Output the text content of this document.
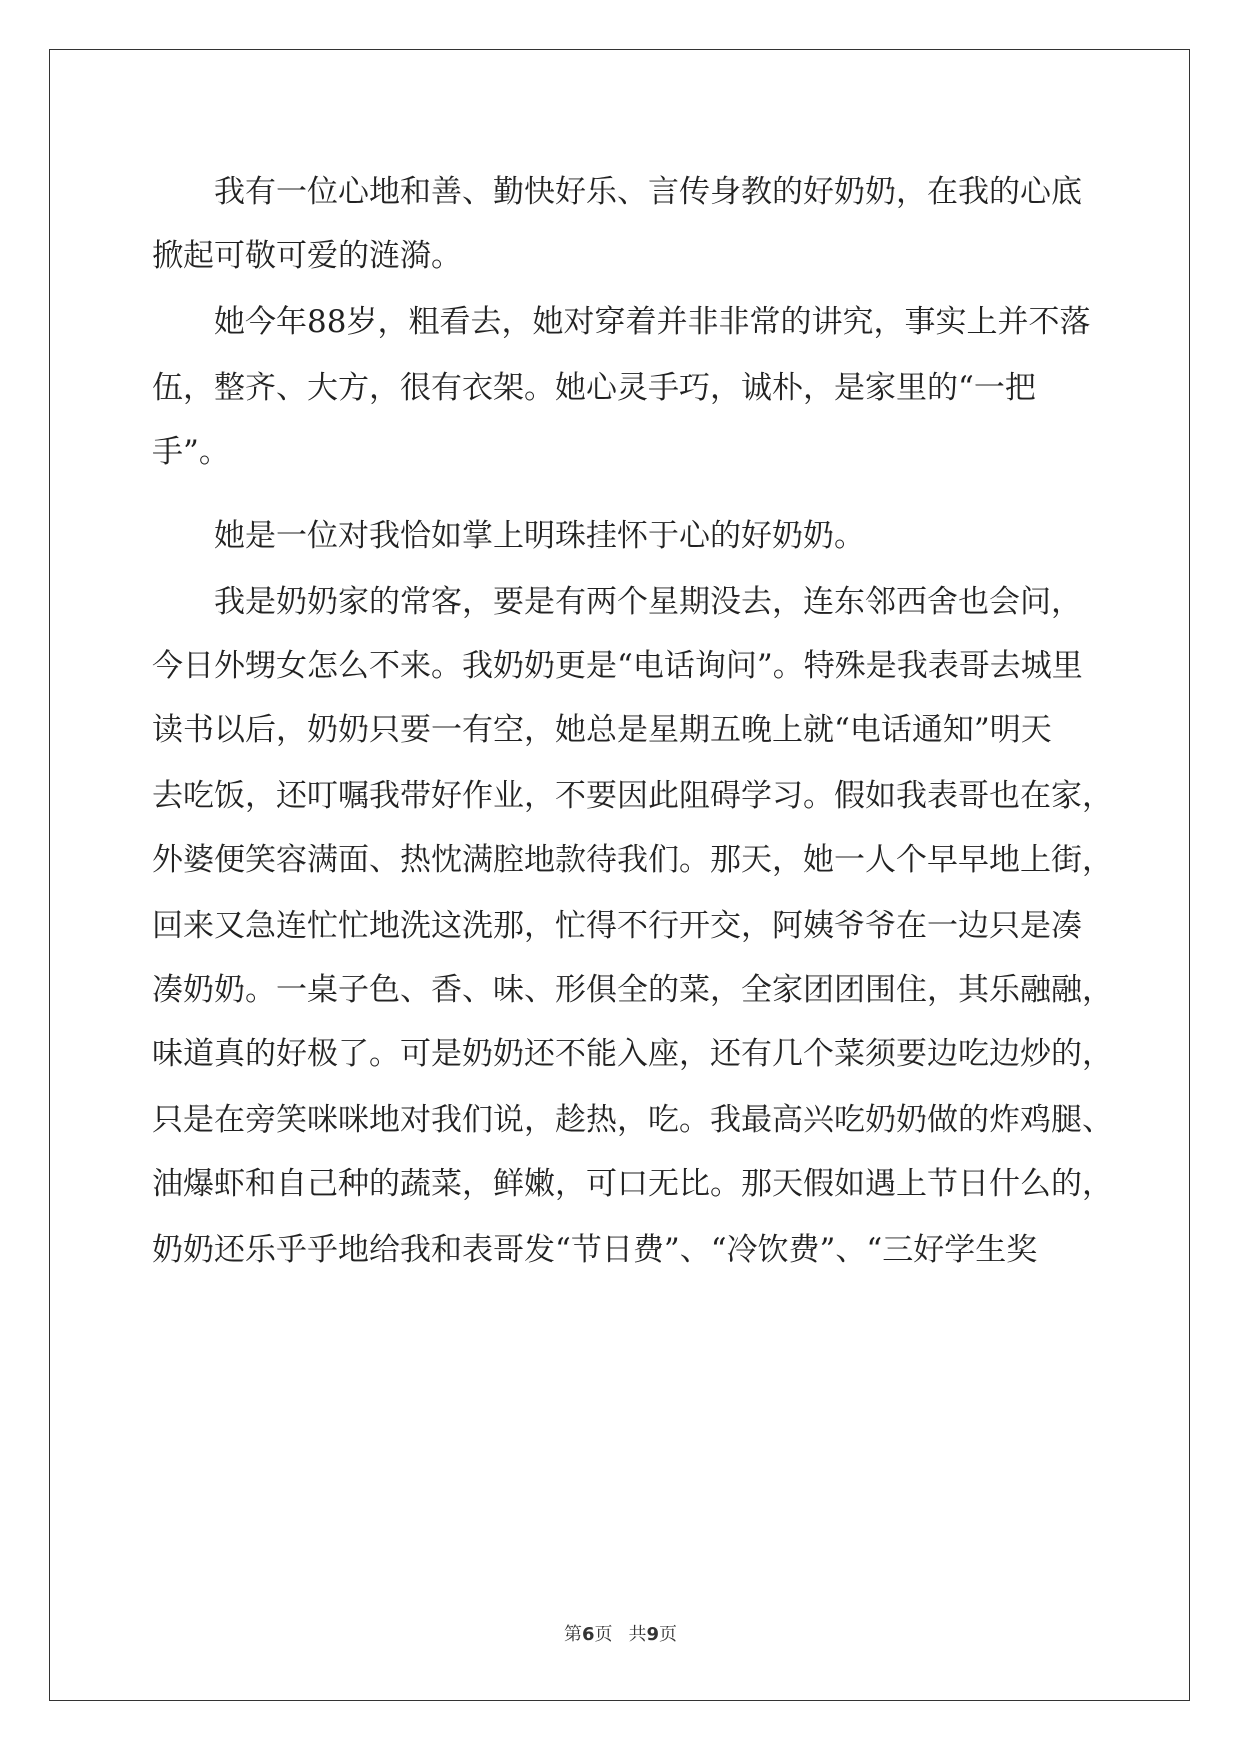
我有一位心地和善、勤快好乐、言传身教的好奶奶，在我的心底
掀起可敬可爱的涟漪。
她今年88岁，粗看去，她对穿着并非非常的讲究，事实上并不落
伍，整齐、大方，很有衣架。她心灵手巧，诚朴，是家里的“一把
手”。
她是一位对我恰如掌上明珠挂怀于心的好奶奶。
我是奶奶家的常客，要是有两个星期没去，连东邻西舍也会问，
今日外甥女怎么不来。我奶奶更是“电话询问”。特殊是我表哥去城里
读书以后，奶奶只要一有空，她总是星期五晚上就“电话通知”明天
去吃饭，还叮嘱我带好作业，不要因此阻碍学习。假如我表哥也在家，
外婆便笑容满面、热忱满腔地款待我们。那天，她一人个早早地上街，
回来又急连忙忙地洗这洗那，忙得不行开交，阿姨爷爷在一边只是凑
凑奶奶。一桌子色、香、味、形俱全的菜，全家团团围住，其乐融融，
味道真的好极了。可是奶奶还不能入座，还有几个菜须要边吃边炒的，
只是在旁笑咪咪地对我们说，趁热，吃。我最高兴吃奶奶做的炸鸡腿、
油爆虾和自己种的蔬菜，鲜嫩，可口无比。那天假如遇上节日什么的，
奶奶还乐乎乎地给我和表哥发“节日费”、“冷饮费”、“三好学生奖
第6页 共9页
